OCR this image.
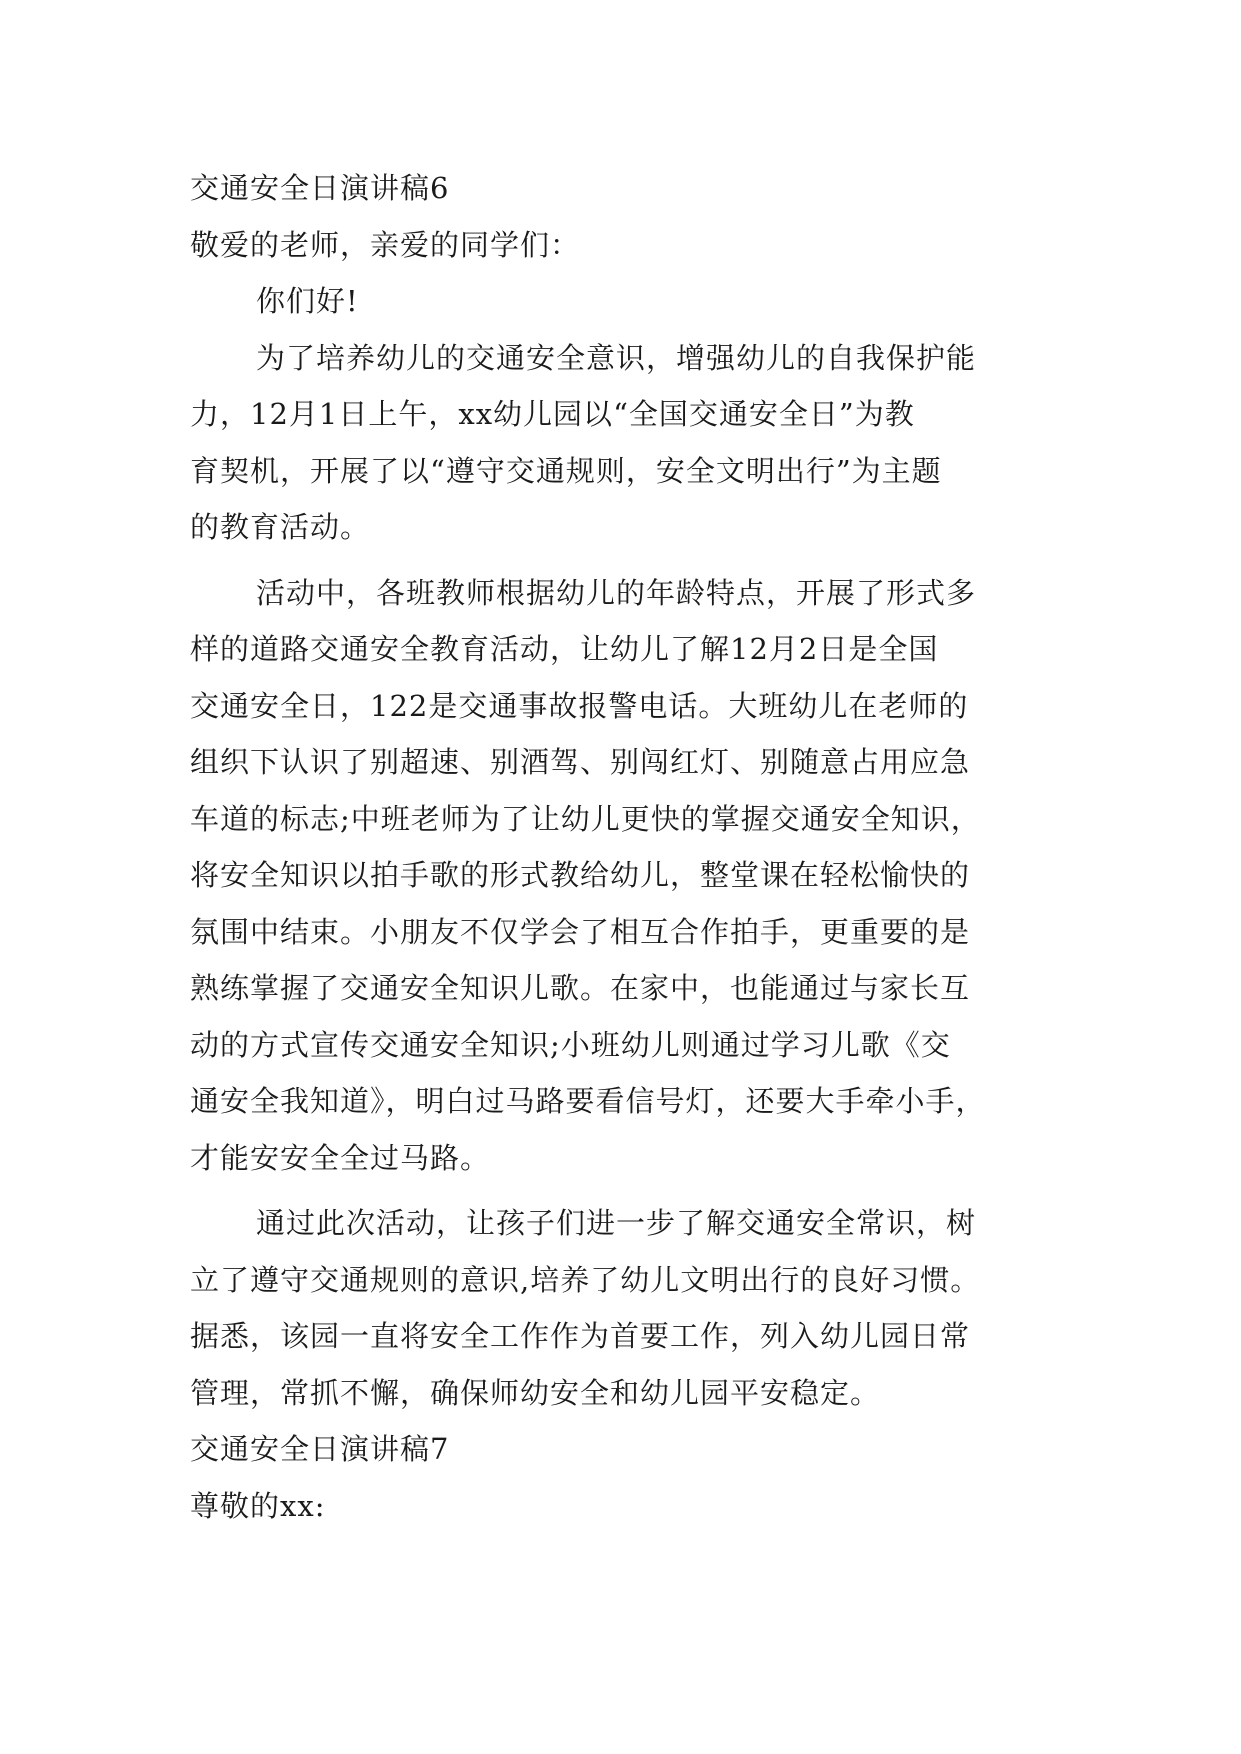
交通安全日演讲稿6
敬爱的老师，亲爱的同学们：
你们好!
为了培养幼儿的交通安全意识，增强幼儿的自我保护能
力，12月1日上午，xx幼儿园以“全国交通安全日”为教
育契机，开展了以“遵守交通规则，安全文明出行”为主题
的教育活动。
活动中，各班教师根据幼儿的年龄特点，开展了形式多
样的道路交通安全教育活动，让幼儿了解12月2日是全国
交通安全日，122是交通事故报警电话。大班幼儿在老师的
组织下认识了别超速、别酒驾、别闯红灯、别随意占用应急
车道的标志;中班老师为了让幼儿更快的掌握交通安全知识，
将安全知识以拍手歌的形式教给幼儿，整堂课在轻松愉快的
氛围中结束。小朋友不仅学会了相互合作拍手，更重要的是
熟练掌握了交通安全知识儿歌。在家中，也能通过与家长互
动的方式宣传交通安全知识;小班幼儿则通过学习儿歌《交
通安全我知道》，明白过马路要看信号灯，还要大手牵小手，
才能安安全全过马路。
通过此次活动，让孩子们进一步了解交通安全常识，树
立了遵守交通规则的意识,培养了幼儿文明出行的良好习惯。
据悉，该园一直将安全工作作为首要工作，列入幼儿园日常
管理，常抓不懈，确保师幼安全和幼儿园平安稳定。
交通安全日演讲稿7
尊敬的xx:
